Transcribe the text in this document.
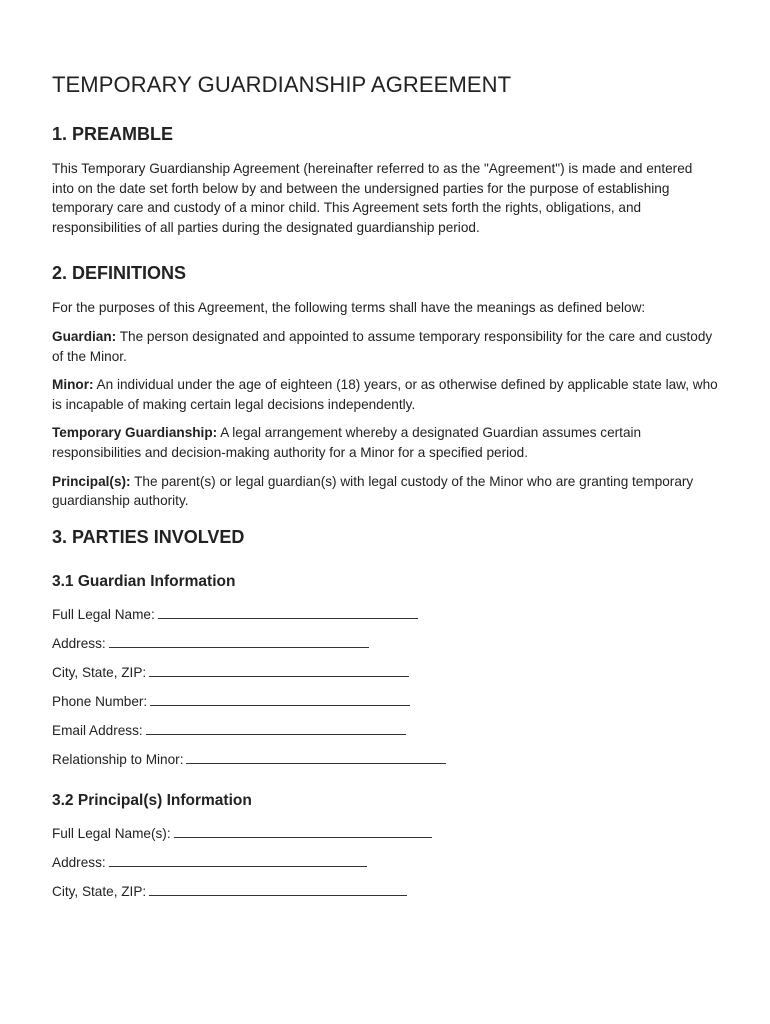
TEMPORARY GUARDIANSHIP AGREEMENT
1. PREAMBLE

This Temporary Guardianship Agreement (hereinafter referred to as the "Agreement") is made and entered into on the date set forth below by and between the undersigned parties for the purpose of establishing temporary care and custody of a minor child. This Agreement sets forth the rights, obligations, and responsibilities of all parties during the designated guardianship period.

2. DEFINITIONS

For the purposes of this Agreement, the following terms shall have the meanings as defined below:

Guardian: The person designated and appointed to assume temporary responsibility for the care and custody of the Minor.

Minor: An individual under the age of eighteen (18) years, or as otherwise defined by applicable state law, who is incapable of making certain legal decisions independently.

Temporary Guardianship: A legal arrangement whereby a designated Guardian assumes certain responsibilities and decision-making authority for a Minor for a specified period.

Principal(s): The parent(s) or legal guardian(s) with legal custody of the Minor who are granting temporary guardianship authority.

3. PARTIES INVOLVED
3.1 Guardian Information
Full Legal Name:
Address:
City, State, ZIP:
Phone Number:
Email Address:
Relationship to Minor:
3.2 Principal(s) Information
Full Legal Name(s):
Address:
City, State, ZIP:
